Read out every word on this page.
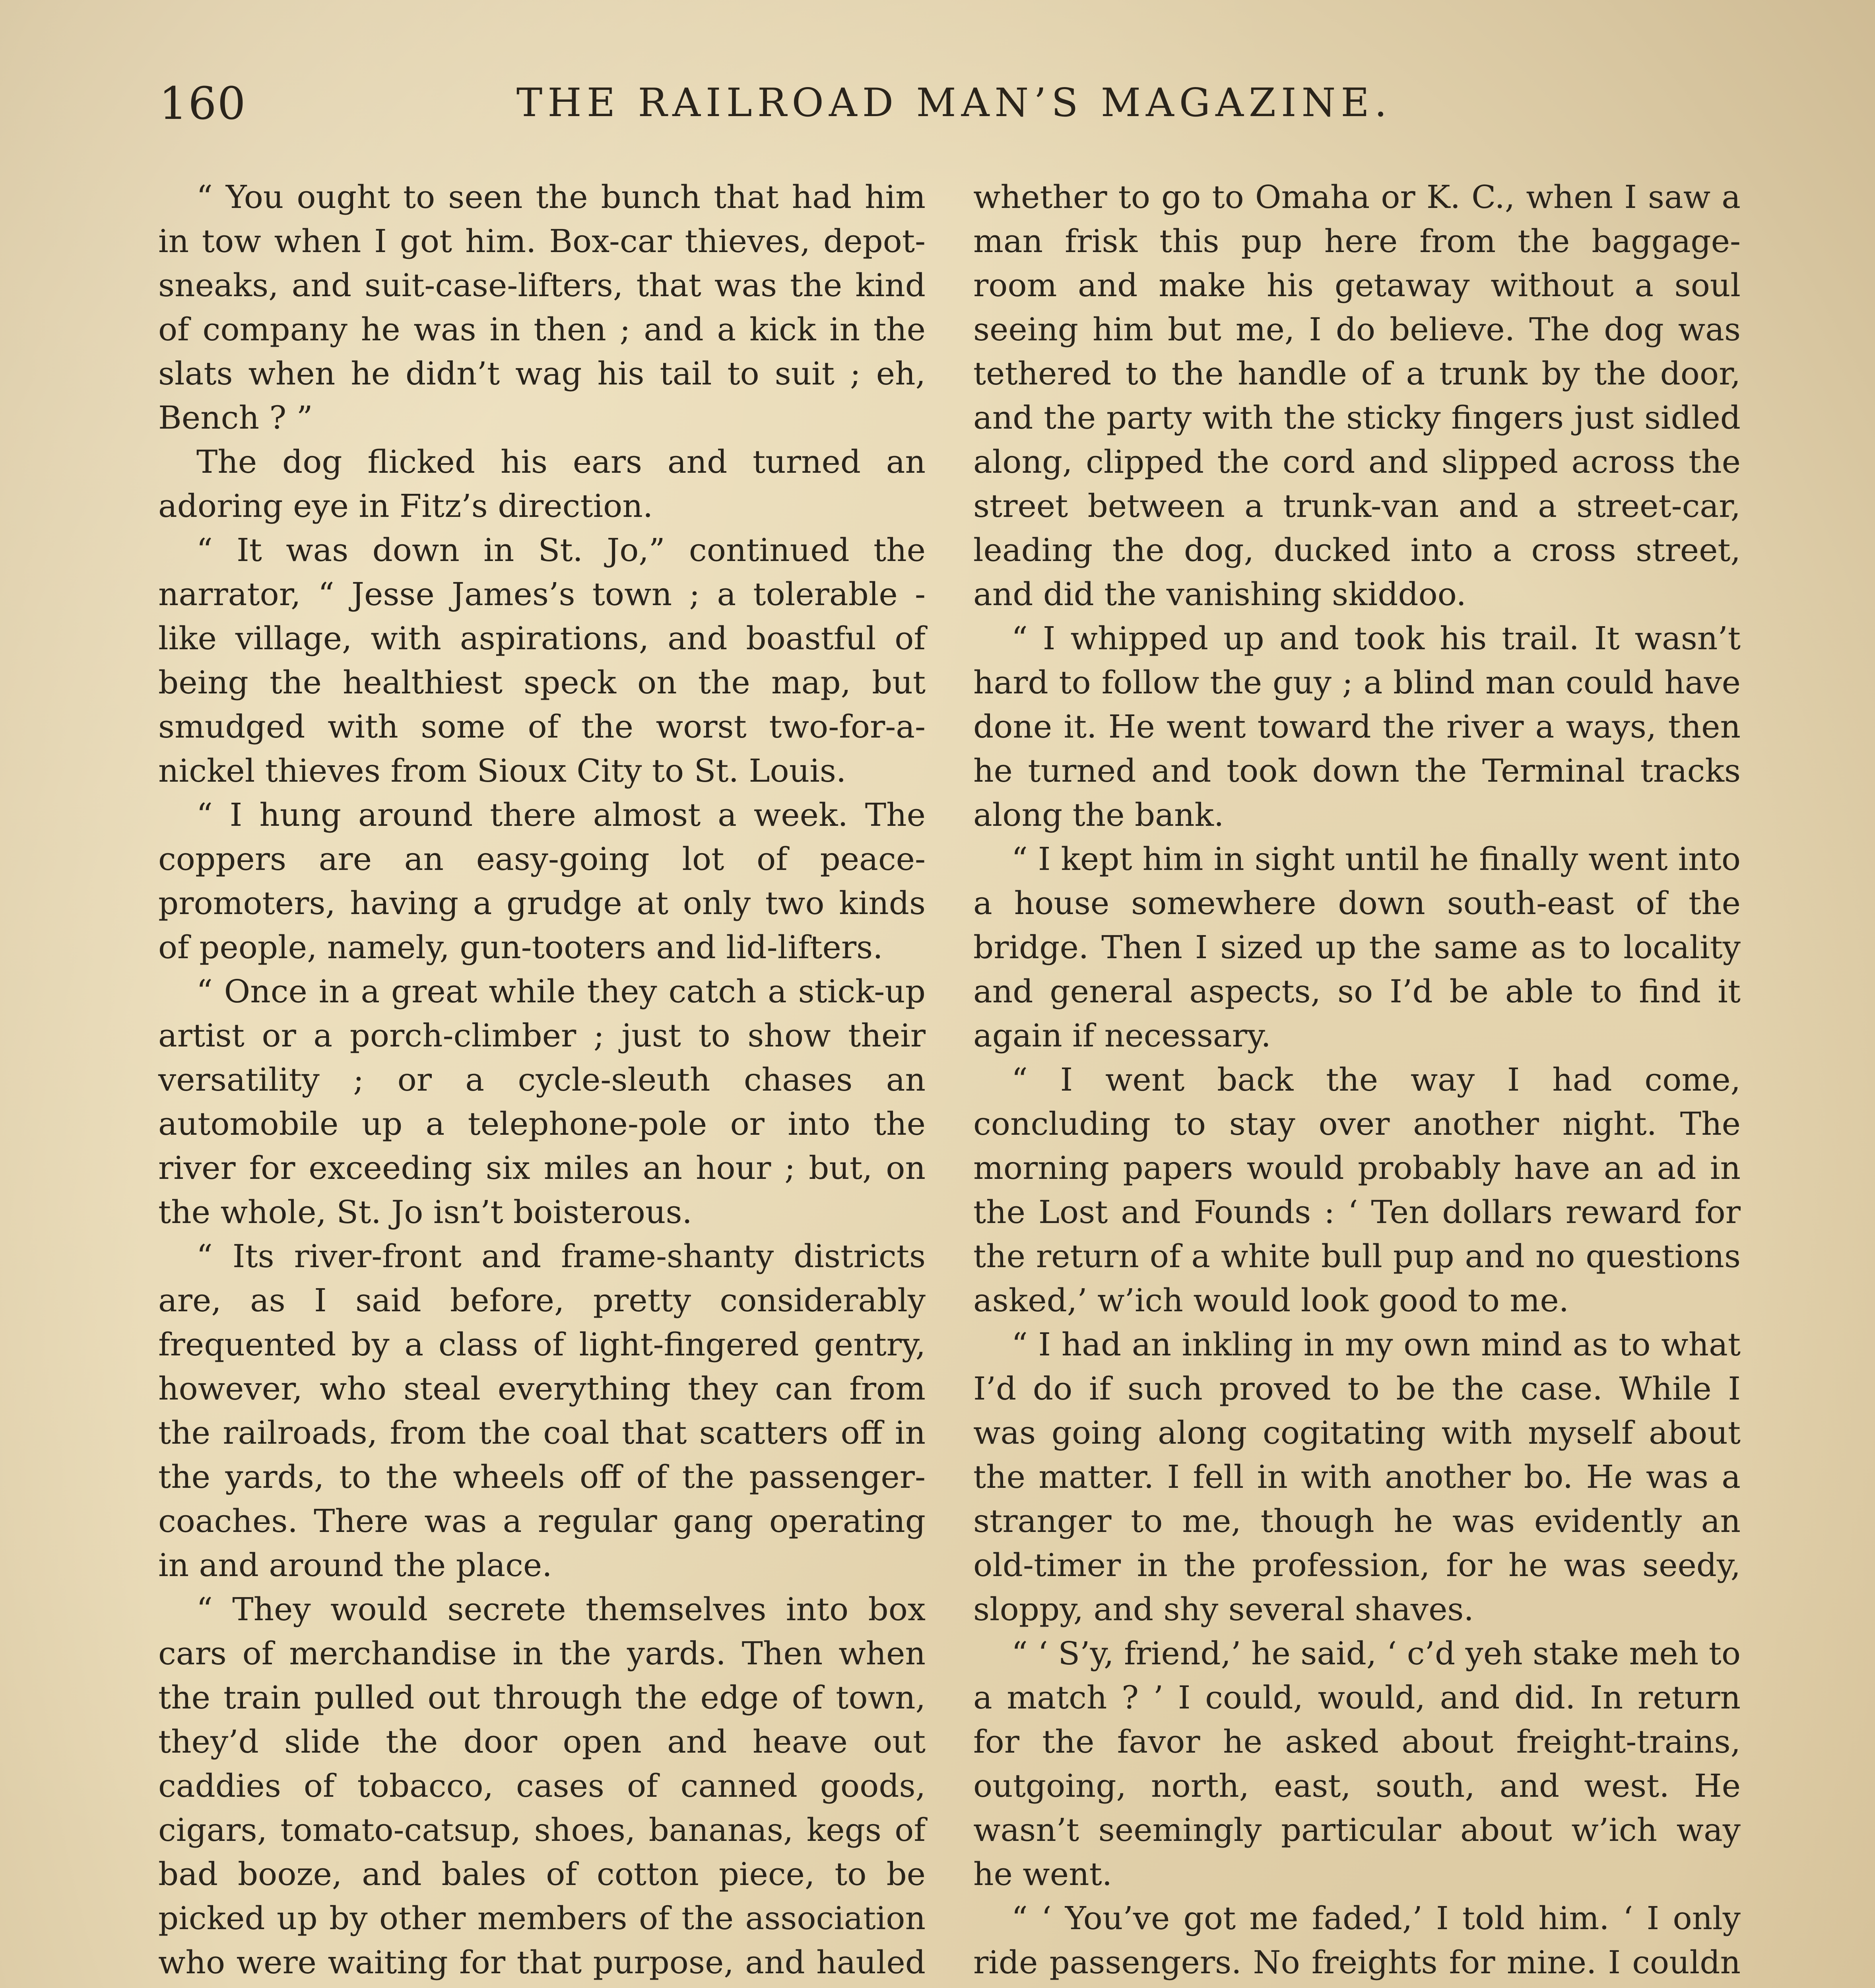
160	THE RAILROAD MAN’S MAGAZINE.

“ You ought to seen the bunch that had him in tow when I got him. Box-car thieves, depot-sneaks, and suit-case-lifters, that was the kind of company he was in then ; and a kick in the slats when he didn’t wag his tail to suit ; eh, Bench ? ”

The dog flicked his ears and turned an adoring eye in Fitz’s direction.

“ It was down in St. Jo,” continued the narrator, “ Jesse James’s town ; a tolerable - like village, with aspirations, and boastful of being the healthiest speck on the map, but smudged with some of the worst two-for-a-nickel thieves from Sioux City to St. Louis.

“ I hung around there almost a week. The coppers are an easy-going lot of peace-promoters, having a grudge at only two kinds of people, namely, gun-tooters and lid-lifters.

“ Once in a great while they catch a stick-up artist or a porch-climber ; just to show their versatility ; or a cycle-sleuth chases an automobile up a telephone-pole or into the river for exceeding six miles an hour ; but, on the whole, St. Jo isn’t boisterous.

“ Its river-front and frame-shanty districts are, as I said before, pretty considerably frequented by a class of light-fingered gentry, however, who steal everything they can from the railroads, from the coal that scatters off in the yards, to the wheels off of the passenger-coaches. There was a regular gang operating in and around the place.

“ They would secrete themselves into box cars of merchandise in the yards. Then when the train pulled out through the edge of town, they’d slide the door open and heave out caddies of tobacco, cases of canned goods, cigars, tomato-catsup, shoes, bananas, kegs of bad booze, and bales of cotton piece, to be picked up by other members of the association who were waiting for that purpose, and hauled

whether to go to Omaha or K. C., when I saw a man frisk this pup here from the baggage-room and make his getaway without a soul seeing him but me, I do believe. The dog was tethered to the handle of a trunk by the door, and the party with the sticky fingers just sidled along, clipped the cord and slipped across the street between a trunk-van and a street-car, leading the dog, ducked into a cross street, and did the vanishing skiddoo.

“ I whipped up and took his trail. It wasn’t hard to follow the guy ; a blind man could have done it. He went toward the river a ways, then he turned and took down the Terminal tracks along the bank.

“ I kept him in sight until he finally went into a house somewhere down south-east of the bridge. Then I sized up the same as to locality and general aspects, so I’d be able to find it again if necessary.

“ I went back the way I had come, concluding to stay over another night. The morning papers would probably have an ad in the Lost and Founds : ‘ Ten dollars reward for the return of a white bull pup and no questions asked,’ w’ich would look good to me.

“ I had an inkling in my own mind as to what I’d do if such proved to be the case. While I was going along cogitating with myself about the matter. I fell in with another bo. He was a stranger to me, though he was evidently an old-timer in the profession, for he was seedy, sloppy, and shy several shaves.

“ ‘ S’y, friend,’ he said, ‘ c’d yeh stake meh to a match ? ’ I could, would, and did. In return for the favor he asked about freight-trains, outgoing, north, east, south, and west. He wasn’t seemingly particular about w’ich way he went.

“ ‘ You’ve got me faded,’ I told him. ‘ I only ride passengers. No freights for mine. I couldn
